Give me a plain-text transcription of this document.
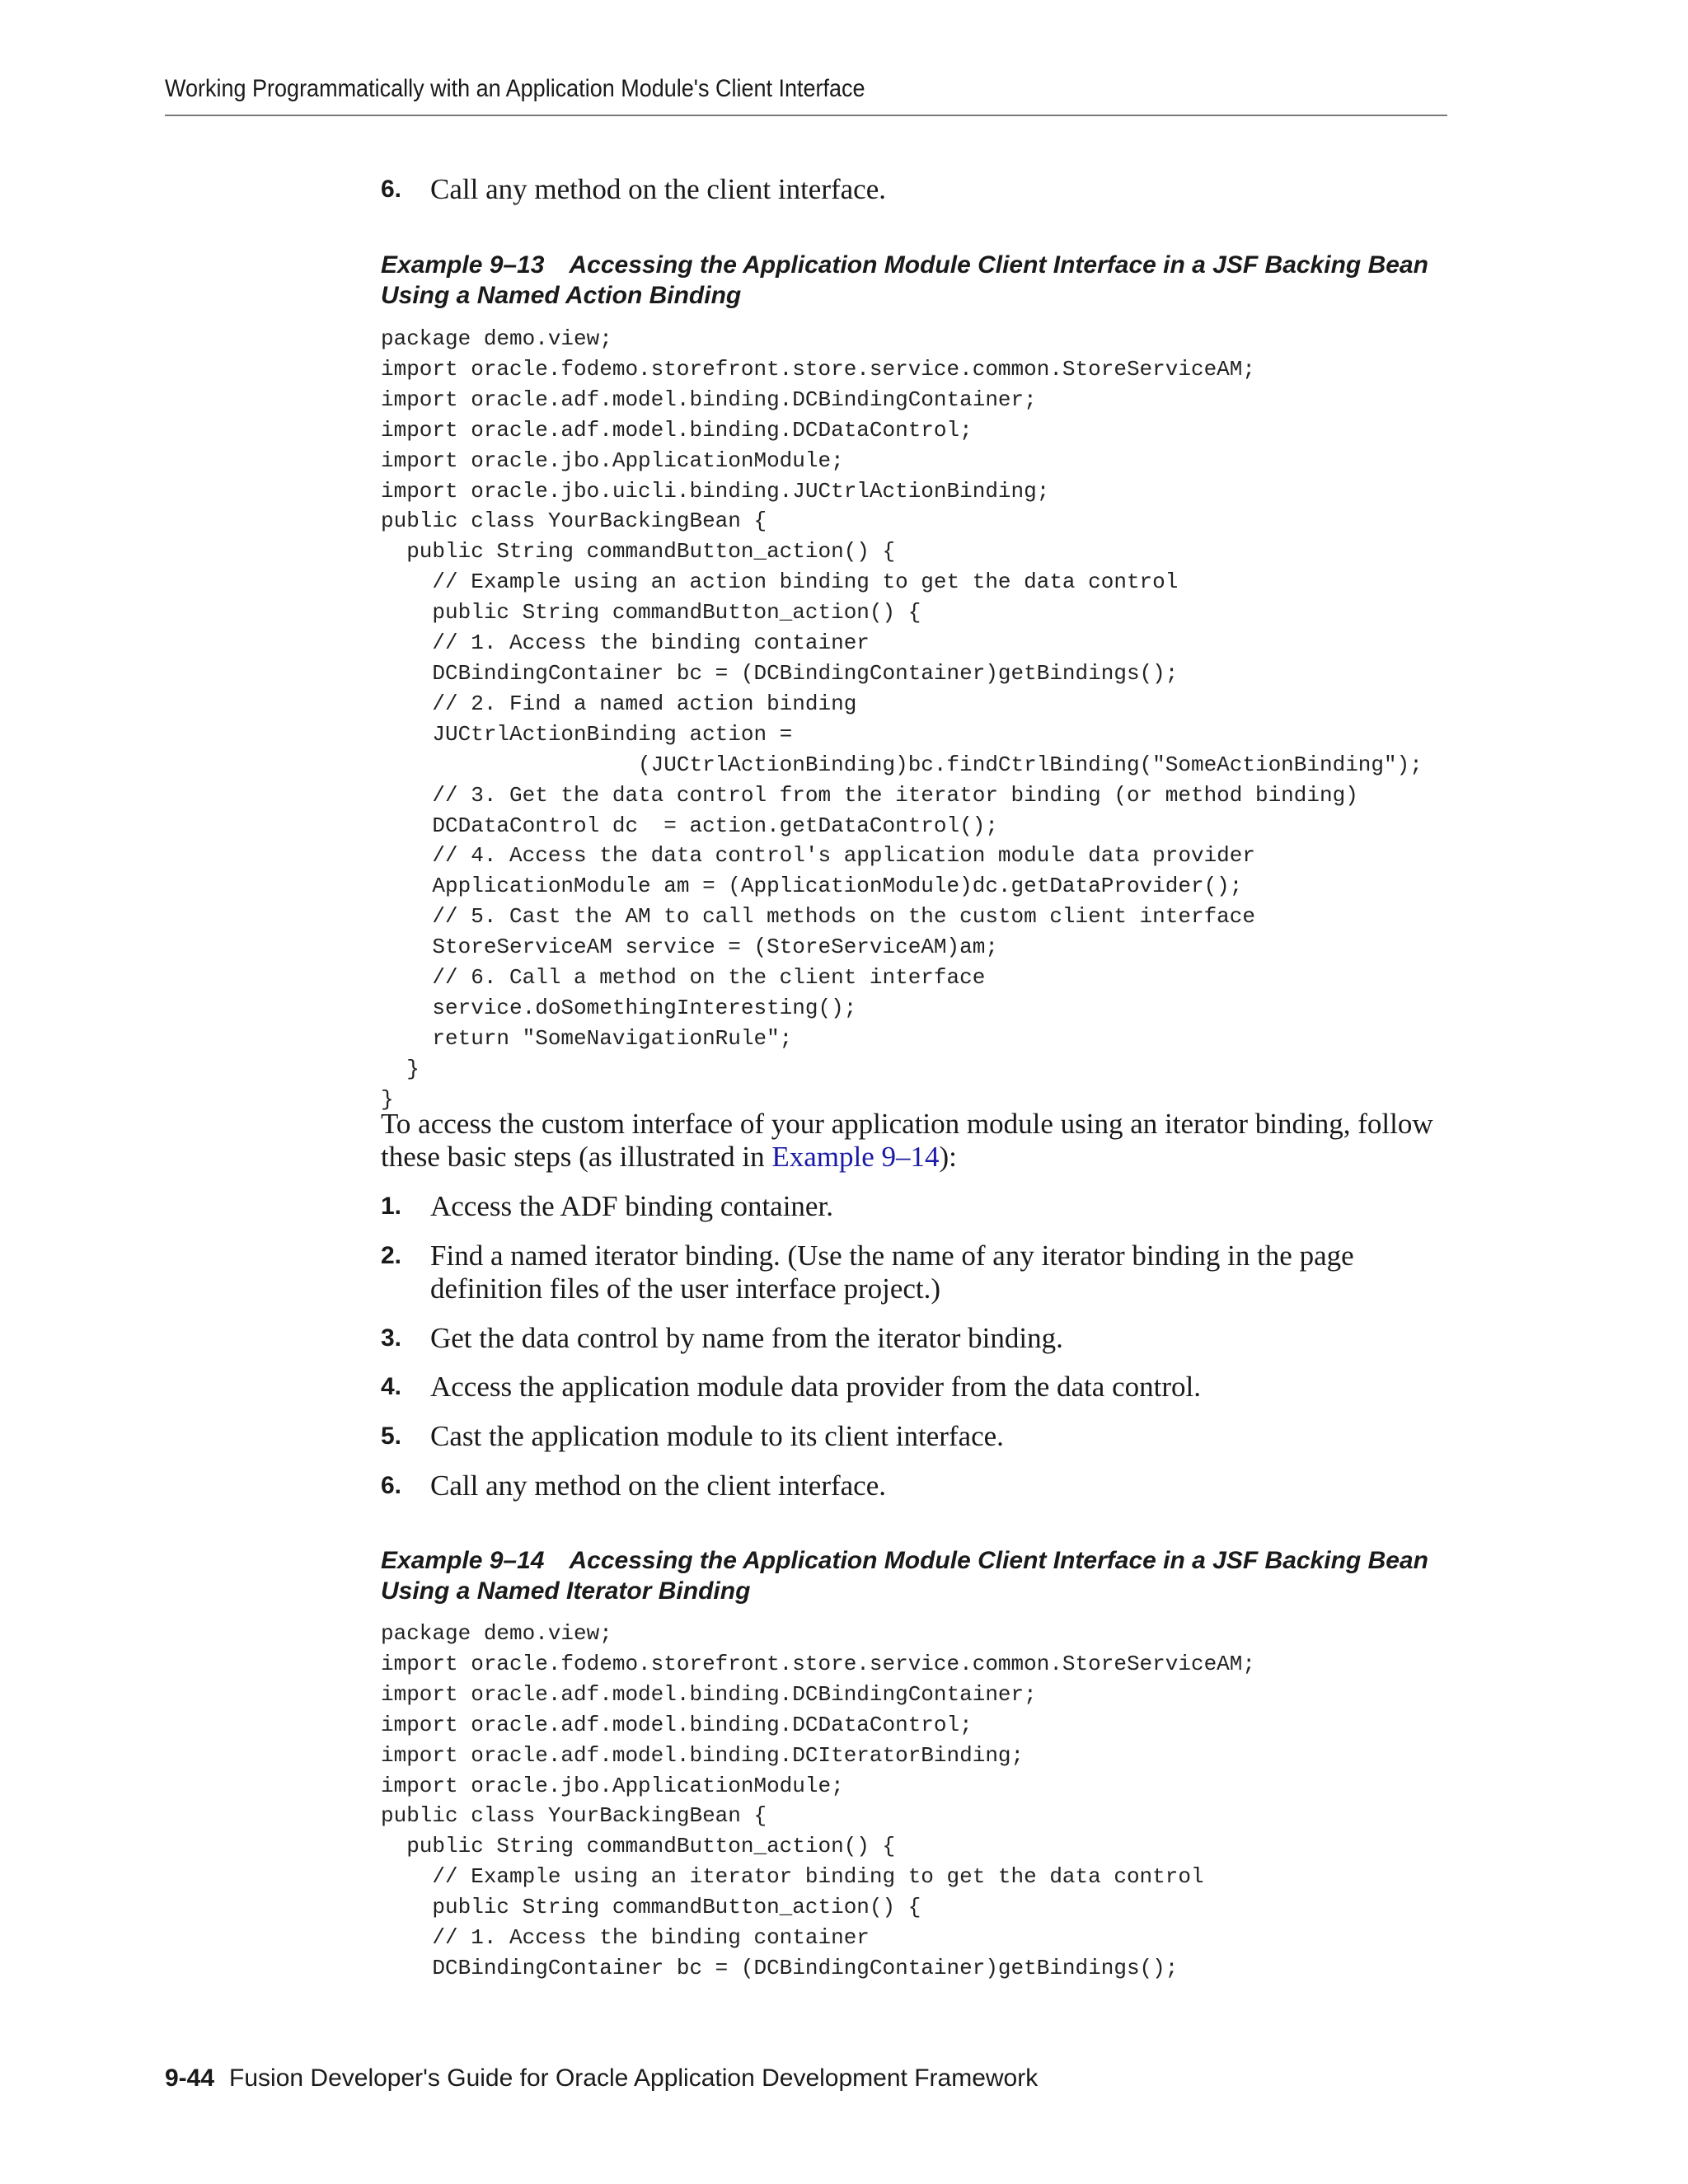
Working Programmatically with an Application Module's Client Interface
6. Call any method on the client interface.
Example 9–13 Accessing the Application Module Client Interface in a JSF Backing Bean
Using a Named Action Binding
package demo.view;
import oracle.fodemo.storefront.store.service.common.StoreServiceAM;
import oracle.adf.model.binding.DCBindingContainer;
import oracle.adf.model.binding.DCDataControl;
import oracle.jbo.ApplicationModule;
import oracle.jbo.uicli.binding.JUCtrlActionBinding;
public class YourBackingBean {
public String commandButton_action() {
// Example using an action binding to get the data control
public String commandButton_action() {
// 1. Access the binding container
DCBindingContainer bc = (DCBindingContainer)getBindings();
// 2. Find a named action binding
JUCtrlActionBinding action =
(JUCtrlActionBinding)bc.findCtrlBinding("SomeActionBinding");
// 3. Get the data control from the iterator binding (or method binding)
DCDataControl dc  = action.getDataControl();
// 4. Access the data control's application module data provider
ApplicationModule am = (ApplicationModule)dc.getDataProvider();
// 5. Cast the AM to call methods on the custom client interface
StoreServiceAM service = (StoreServiceAM)am;
// 6. Call a method on the client interface
service.doSomethingInteresting();
return "SomeNavigationRule";
}
}
To access the custom interface of your application module using an iterator binding, follow these basic steps (as illustrated in Example 9–14):
1. Access the ADF binding container.
2. Find a named iterator binding. (Use the name of any iterator binding in the page definition files of the user interface project.)
3. Get the data control by name from the iterator binding.
4. Access the application module data provider from the data control.
5. Cast the application module to its client interface.
6. Call any method on the client interface.
Example 9–14 Accessing the Application Module Client Interface in a JSF Backing Bean
Using a Named Iterator Binding
package demo.view;
import oracle.fodemo.storefront.store.service.common.StoreServiceAM;
import oracle.adf.model.binding.DCBindingContainer;
import oracle.adf.model.binding.DCDataControl;
import oracle.adf.model.binding.DCIteratorBinding;
import oracle.jbo.ApplicationModule;
public class YourBackingBean {
public String commandButton_action() {
// Example using an iterator binding to get the data control
public String commandButton_action() {
// 1. Access the binding container
DCBindingContainer bc = (DCBindingContainer)getBindings();
9-44 Fusion Developer's Guide for Oracle Application Development Framework
